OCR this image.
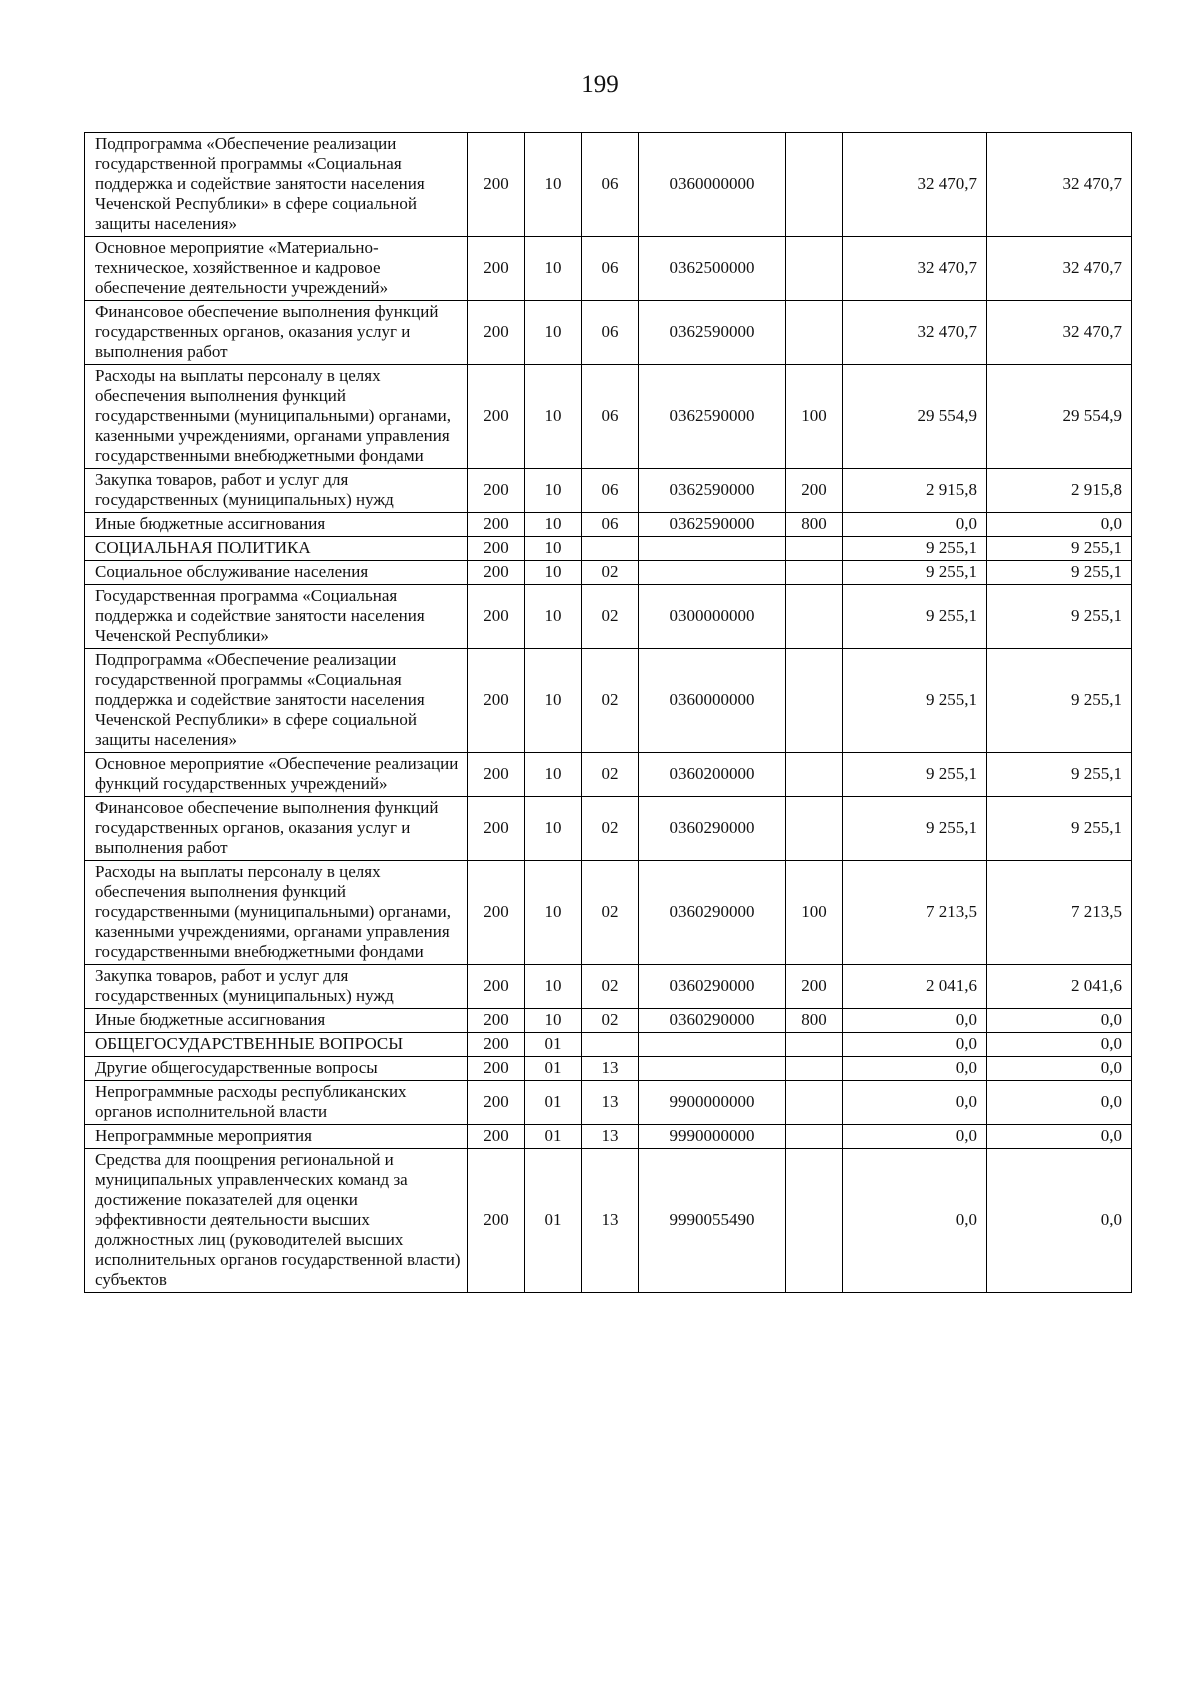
199
Подпрограмма «Обеспечение реализации государственной программы «Социальная поддержка и содействие занятости населения Чеченской Республики» в сфере социальной защиты населения»	200	10	06	0360000000		32 470,7	32 470,7
Основное мероприятие «Материально-техническое, хозяйственное и кадровое обеспечение деятельности учреждений»	200	10	06	0362500000		32 470,7	32 470,7
Финансовое обеспечение выполнения функций государственных органов, оказания услуг и выполнения работ	200	10	06	0362590000		32 470,7	32 470,7
Расходы на выплаты персоналу в целях обеспечения выполнения функций государственными (муниципальными) органами, казенными учреждениями, органами управления государственными внебюджетными фондами	200	10	06	0362590000	100	29 554,9	29 554,9
Закупка товаров, работ и услуг для государственных (муниципальных) нужд	200	10	06	0362590000	200	2 915,8	2 915,8
Иные бюджетные ассигнования	200	10	06	0362590000	800	0,0	0,0
СОЦИАЛЬНАЯ ПОЛИТИКА	200	10				9 255,1	9 255,1
Социальное обслуживание населения	200	10	02			9 255,1	9 255,1
Государственная программа «Социальная поддержка и содействие занятости населения Чеченской Республики»	200	10	02	0300000000		9 255,1	9 255,1
Подпрограмма «Обеспечение реализации государственной программы «Социальная поддержка и содействие занятости населения Чеченской Республики» в сфере социальной защиты населения»	200	10	02	0360000000		9 255,1	9 255,1
Основное мероприятие «Обеспечение реализации функций государственных учреждений»	200	10	02	0360200000		9 255,1	9 255,1
Финансовое обеспечение выполнения функций государственных органов, оказания услуг и выполнения работ	200	10	02	0360290000		9 255,1	9 255,1
Расходы на выплаты персоналу в целях обеспечения выполнения функций государственными (муниципальными) органами, казенными учреждениями, органами управления государственными внебюджетными фондами	200	10	02	0360290000	100	7 213,5	7 213,5
Закупка товаров, работ и услуг для государственных (муниципальных) нужд	200	10	02	0360290000	200	2 041,6	2 041,6
Иные бюджетные ассигнования	200	10	02	0360290000	800	0,0	0,0
ОБЩЕГОСУДАРСТВЕННЫЕ ВОПРОСЫ	200	01				0,0	0,0
Другие общегосударственные вопросы	200	01	13			0,0	0,0
Непрограммные расходы республиканских органов исполнительной власти	200	01	13	9900000000		0,0	0,0
Непрограммные мероприятия	200	01	13	9990000000		0,0	0,0
Средства для поощрения региональной и муниципальных управленческих команд за достижение показателей для оценки эффективности деятельности высших должностных лиц (руководителей высших исполнительных органов государственной власти) субъектов	200	01	13	9990055490		0,0	0,0
